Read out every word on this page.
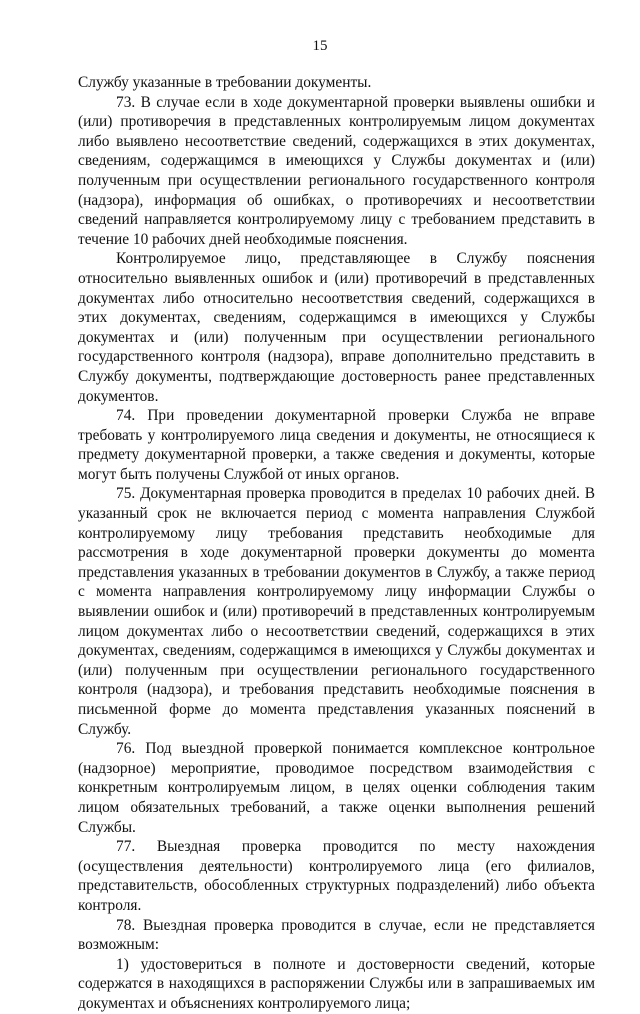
15

Службу указанные в требовании документы.

73. В случае если в ходе документарной проверки выявлены ошибки и (или) противоречия в представленных контролируемым лицом документах либо выявлено несоответствие сведений, содержащихся в этих документах, сведениям, содержащимся в имеющихся у Службы документах и (или) полученным при осуществлении регионального государственного контроля (надзора), информация об ошибках, о противоречиях и несоответствии сведений направляется контролируемому лицу с требованием представить в течение 10 рабочих дней необходимые пояснения.

Контролируемое лицо, представляющее в Службу пояснения относительно выявленных ошибок и (или) противоречий в представленных документах либо относительно несоответствия сведений, содержащихся в этих документах, сведениям, содержащимся в имеющихся у Службы документах и (или) полученным при осуществлении регионального государственного контроля (надзора), вправе дополнительно представить в Службу документы, подтверждающие достоверность ранее представленных документов.

74. При проведении документарной проверки Служба не вправе требовать у контролируемого лица сведения и документы, не относящиеся к предмету документарной проверки, а также сведения и документы, которые могут быть получены Службой от иных органов.

75. Документарная проверка проводится в пределах 10 рабочих дней. В указанный срок не включается период с момента направления Службой контролируемому лицу требования представить необходимые для рассмотрения в ходе документарной проверки документы до момента представления указанных в требовании документов в Службу, а также период с момента направления контролируемому лицу информации Службы о выявлении ошибок и (или) противоречий в представленных контролируемым лицом документах либо о несоответствии сведений, содержащихся в этих документах, сведениям, содержащимся в имеющихся у Службы документах и (или) полученным при осуществлении регионального государственного контроля (надзора), и требования представить необходимые пояснения в письменной форме до момента представления указанных пояснений в Службу.

76. Под выездной проверкой понимается комплексное контрольное (надзорное) мероприятие, проводимое посредством взаимодействия с конкретным контролируемым лицом, в целях оценки соблюдения таким лицом обязательных требований, а также оценки выполнения решений Службы.

77. Выездная проверка проводится по месту нахождения (осуществления деятельности) контролируемого лица (его филиалов, представительств, обособленных структурных подразделений) либо объекта контроля.

78. Выездная проверка проводится в случае, если не представляется возможным:

1) удостовериться в полноте и достоверности сведений, которые содержатся в находящихся в распоряжении Службы или в запрашиваемых им документах и объяснениях контролируемого лица;
